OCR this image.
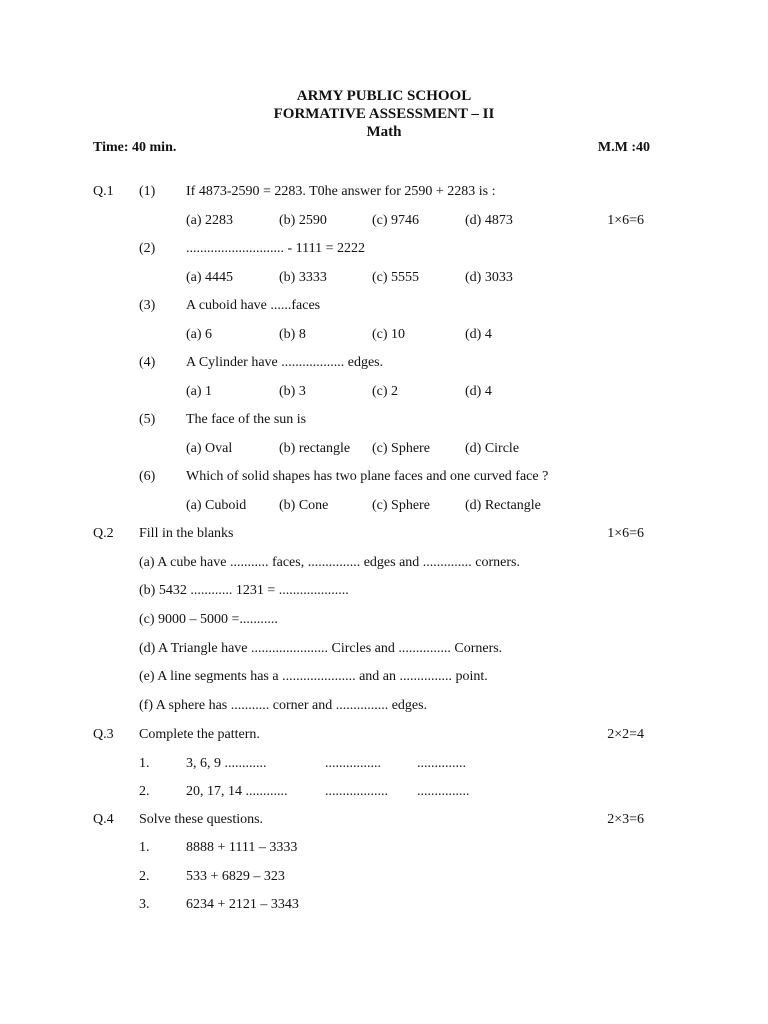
ARMY PUBLIC SCHOOL
FORMATIVE ASSESSMENT – II
Math
Time: 40 min.	M.M :40
Q.1
1×6=6
(1) If 4873-2590 = 2283. T0he answer for 2590 + 2283 is :
(a) 2283	(b) 2590	(c) 9746	(d) 4873
(2) ............................ - 1111 = 2222
(a) 4445	(b) 3333	(c) 5555	(d) 3033
(3) A cuboid have ......faces
(a) 6	(b) 8	(c) 10	(d) 4
(4) A Cylinder have .................. edges.
(a) 1	(b) 3	(c) 2	(d) 4
(5) The face of the sun is
(a) Oval	(b) rectangle (c) Sphere	(d) Circle
(6) Which of solid shapes has two plane faces and one curved face ?
(a) Cuboid (b) Cone	(c) Sphere	(d) Rectangle
Q.2 Fill in the blanks	1×6=6
(a) A cube have ........... faces, ............... edges and .............. corners.
(b) 5432 ............ 1231 = ....................
(c) 9000 – 5000 =...........
(d) A Triangle have ...................... Circles and ............... Corners.
(e) A line segments has a ..................... and an ............... point.
(f) A sphere has ........... corner and ............... edges.
Q.3 Complete the pattern.	2×2=4
1.	3, 6, 9 ............	................	..............
2.	20, 17, 14 ............	.................. ...............
Q.4 Solve these questions.	2×3=6
1.	8888 + 1111 – 3333
2.	533 + 6829 – 323
3.	6234 + 2121 – 3343
